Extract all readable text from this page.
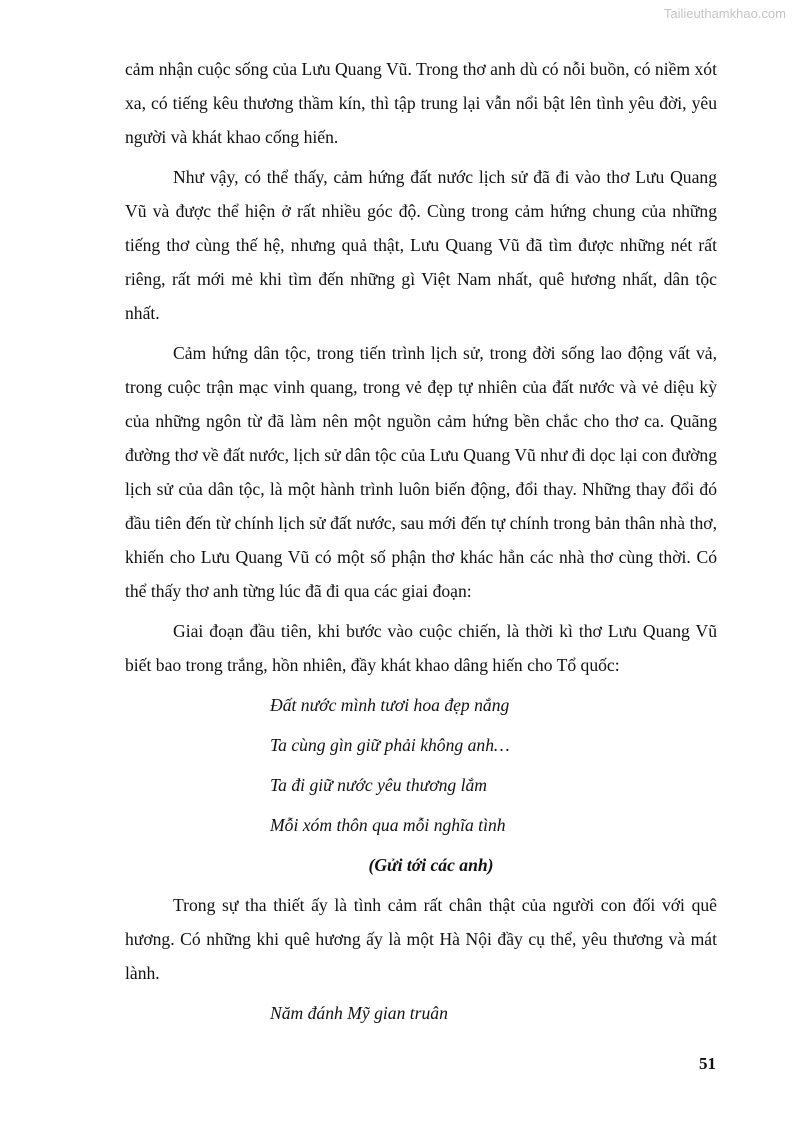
Tailieuthamkhao.com

cảm nhận cuộc sống của Lưu Quang Vũ. Trong thơ anh dù có nỗi buồn, có niềm xót xa, có tiếng kêu thương thầm kín, thì tập trung lại vẫn nổi bật lên tình yêu đời, yêu người và khát khao cống hiến.

Như vậy, có thể thấy, cảm hứng đất nước lịch sử đã đi vào thơ Lưu Quang Vũ và được thể hiện ở rất nhiều góc độ. Cùng trong cảm hứng chung của những tiếng thơ cùng thế hệ, nhưng quả thật, Lưu Quang Vũ đã tìm được những nét rất riêng, rất mới mẻ khi tìm đến những gì Việt Nam nhất, quê hương nhất, dân tộc nhất.

Cảm hứng dân tộc, trong tiến trình lịch sử, trong đời sống lao động vất vả, trong cuộc trận mạc vinh quang, trong vẻ đẹp tự nhiên của đất nước và vẻ diệu kỳ của những ngôn từ đã làm nên một nguồn cảm hứng bền chắc cho thơ ca. Quãng đường thơ về đất nước, lịch sử dân tộc của Lưu Quang Vũ như đi dọc lại con đường lịch sử của dân tộc, là một hành trình luôn biến động, đổi thay. Những thay đổi đó đầu tiên đến từ chính lịch sử đất nước, sau mới đến tự chính trong bản thân nhà thơ, khiến cho Lưu Quang Vũ có một số phận thơ khác hẳn các nhà thơ cùng thời. Có thể thấy thơ anh từng lúc đã đi qua các giai đoạn:

Giai đoạn đầu tiên, khi bước vào cuộc chiến, là thời kì thơ Lưu Quang Vũ biết bao trong trắng, hồn nhiên, đầy khát khao dâng hiến cho Tổ quốc:

Đất nước mình tươi hoa đẹp nắng

Ta cùng gìn giữ phải không anh…

Ta đi giữ nước yêu thương lắm

Mỗi xóm thôn qua mỗi nghĩa tình

(Gửi tới các anh)

Trong sự tha thiết ấy là tình cảm rất chân thật của người con đối với quê hương. Có những khi quê hương ấy là một Hà Nội đầy cụ thể, yêu thương và mát lành.

Năm đánh Mỹ gian truân

51
